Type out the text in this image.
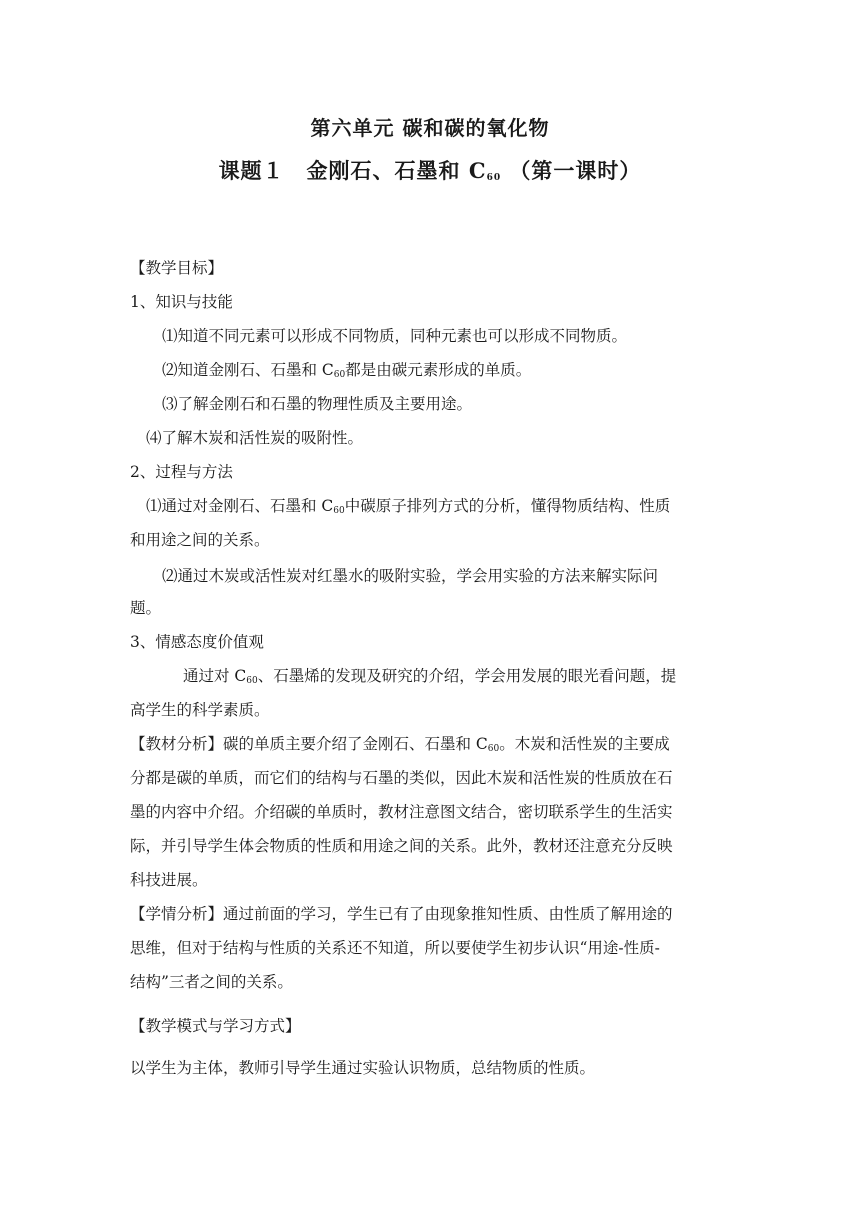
第六单元 碳和碳的氧化物
课题１　金刚石、石墨和 $C_{60}$ （第一课时）
【教学目标】
1、知识与技能
⑴知道不同元素可以形成不同物质，同种元素也可以形成不同物质。
⑵知道金刚石、石墨和 $C_{60}$都是由碳元素形成的单质。
⑶了解金刚石和石墨的物理性质及主要用途。
⑷了解木炭和活性炭的吸附性。
2、过程与方法
⑴通过对金刚石、石墨和 $C_{60}$中碳原子排列方式的分析，懂得物质结构、性质
和用途之间的关系。
⑵通过木炭或活性炭对红墨水的吸附实验，学会用实验的方法来解实际问
题。
3、情感态度价值观
通过对 $C_{60}$、石墨烯的发现及研究的介绍，学会用发展的眼光看问题，提
高学生的科学素质。
【教材分析】碳的单质主要介绍了金刚石、石墨和 $C_{60}$。木炭和活性炭的主要成
分都是碳的单质，而它们的结构与石墨的类似，因此木炭和活性炭的性质放在石
墨的内容中介绍。介绍碳的单质时，教材注意图文结合，密切联系学生的生活实
际，并引导学生体会物质的性质和用途之间的关系。此外，教材还注意充分反映
科技进展。
【学情分析】通过前面的学习，学生已有了由现象推知性质、由性质了解用途的
思维，但对于结构与性质的关系还不知道，所以要使学生初步认识“用途-性质-
结构”三者之间的关系。
【教学模式与学习方式】
以学生为主体，教师引导学生通过实验认识物质，总结物质的性质。
